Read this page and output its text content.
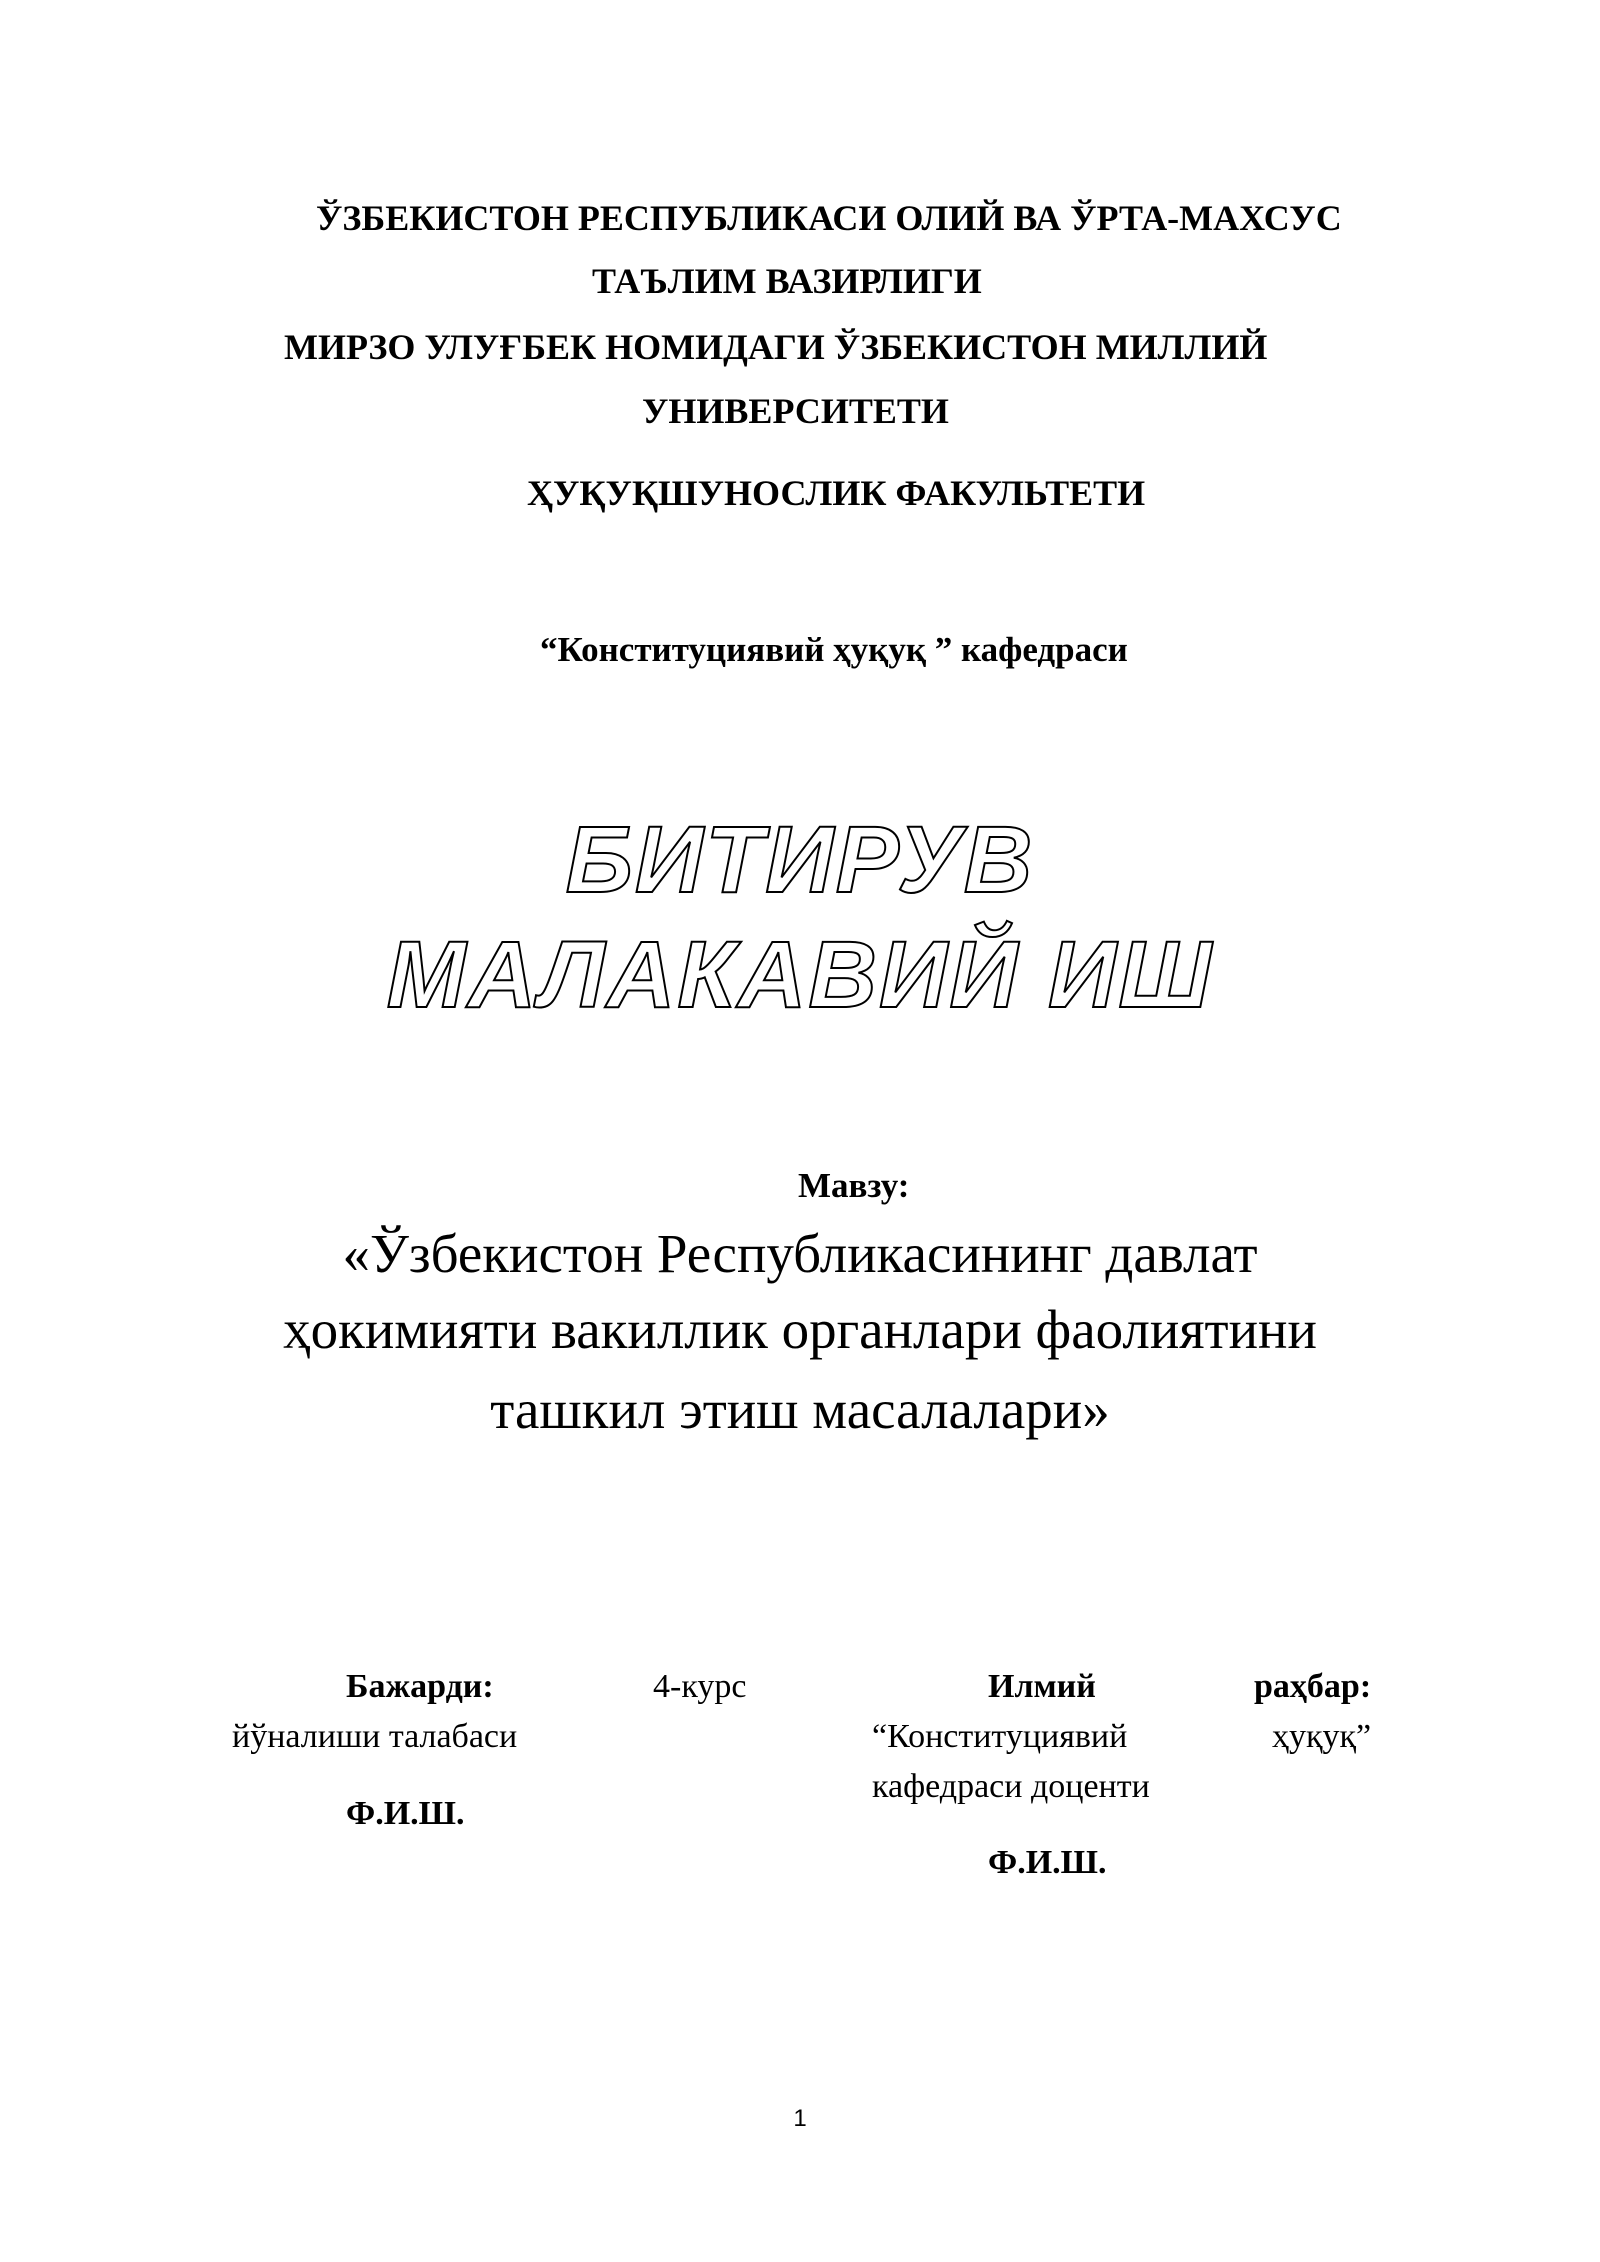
ЎЗБЕКИСТОН РЕСПУБЛИКАСИ ОЛИЙ ВА ЎРТА-МАХСУС
ТАЪЛИМ ВАЗИРЛИГИ
МИРЗО УЛУҒБЕК НОМИДАГИ ЎЗБЕКИСТОН МИЛЛИЙ
УНИВЕРСИТЕТИ
ҲУҚУҚШУНОСЛИК ФАКУЛЬТЕТИ
“Конституциявий ҳуқуқ ” кафедраси
БИТИРУВ
МАЛАКАВИЙ ИШ
Мавзу:
«Ўзбекистон Республикасининг давлат
ҳокимияти вакиллик органлари фаолиятини
ташкил этиш масалалари»
Бажарди:	4-курс
йўналиши талабаси
Ф.И.Ш.
Илмий	раҳбар:
“Конституциявий	ҳуқуқ”
кафедраси доценти
Ф.И.Ш.
1
